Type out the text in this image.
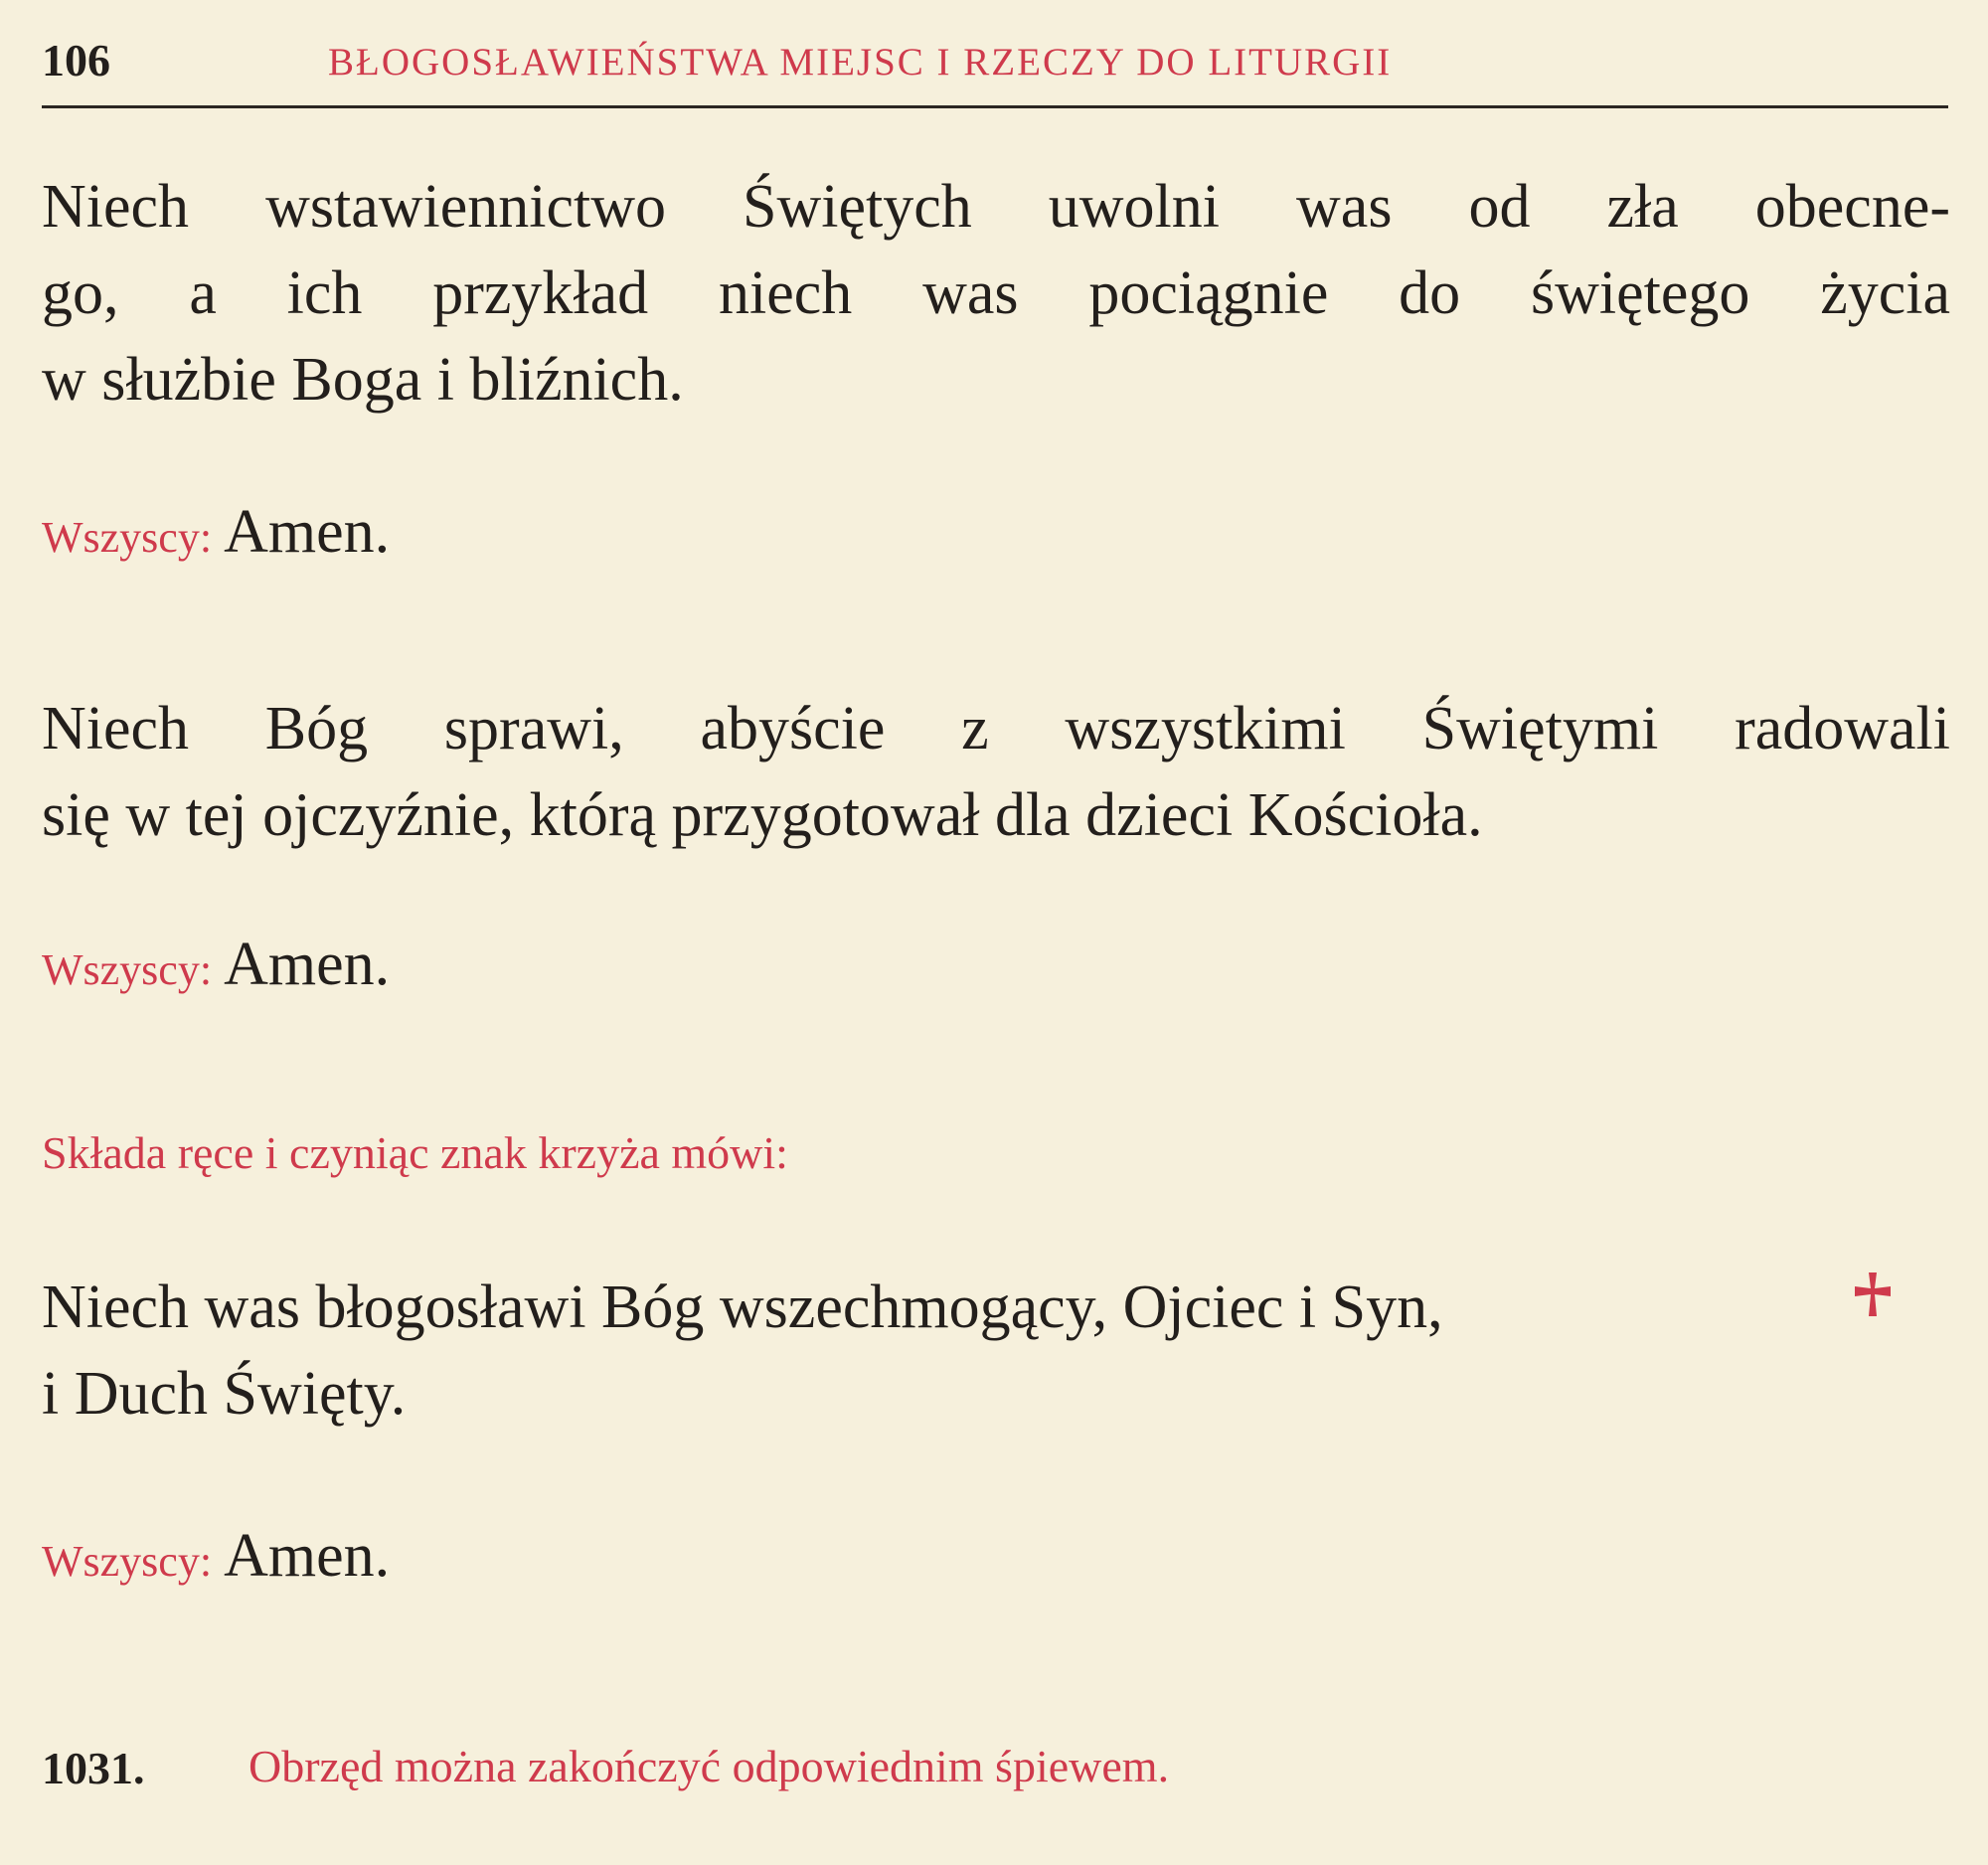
106	BŁOGOSŁAWIEŃSTWA MIEJSC I RZECZY DO LITURGII
Niech wstawiennictwo Świętych uwolni was od zła obecne-
go, a ich przykład niech was pociągnie do świętego życia
w służbie Boga i bliźnich.
Wszyscy: Amen.
Niech Bóg sprawi, abyście z wszystkimi Świętymi radowali
się w tej ojczyźnie, którą przygotował dla dzieci Kościoła.
Wszyscy: Amen.
Składa ręce i czyniąc znak krzyża mówi:
Niech was błogosławi Bóg wszechmogący, Ojciec i Syn,
i Duch Święty.
Wszyscy: Amen.
1031. Obrzęd można zakończyć odpowiednim śpiewem.
